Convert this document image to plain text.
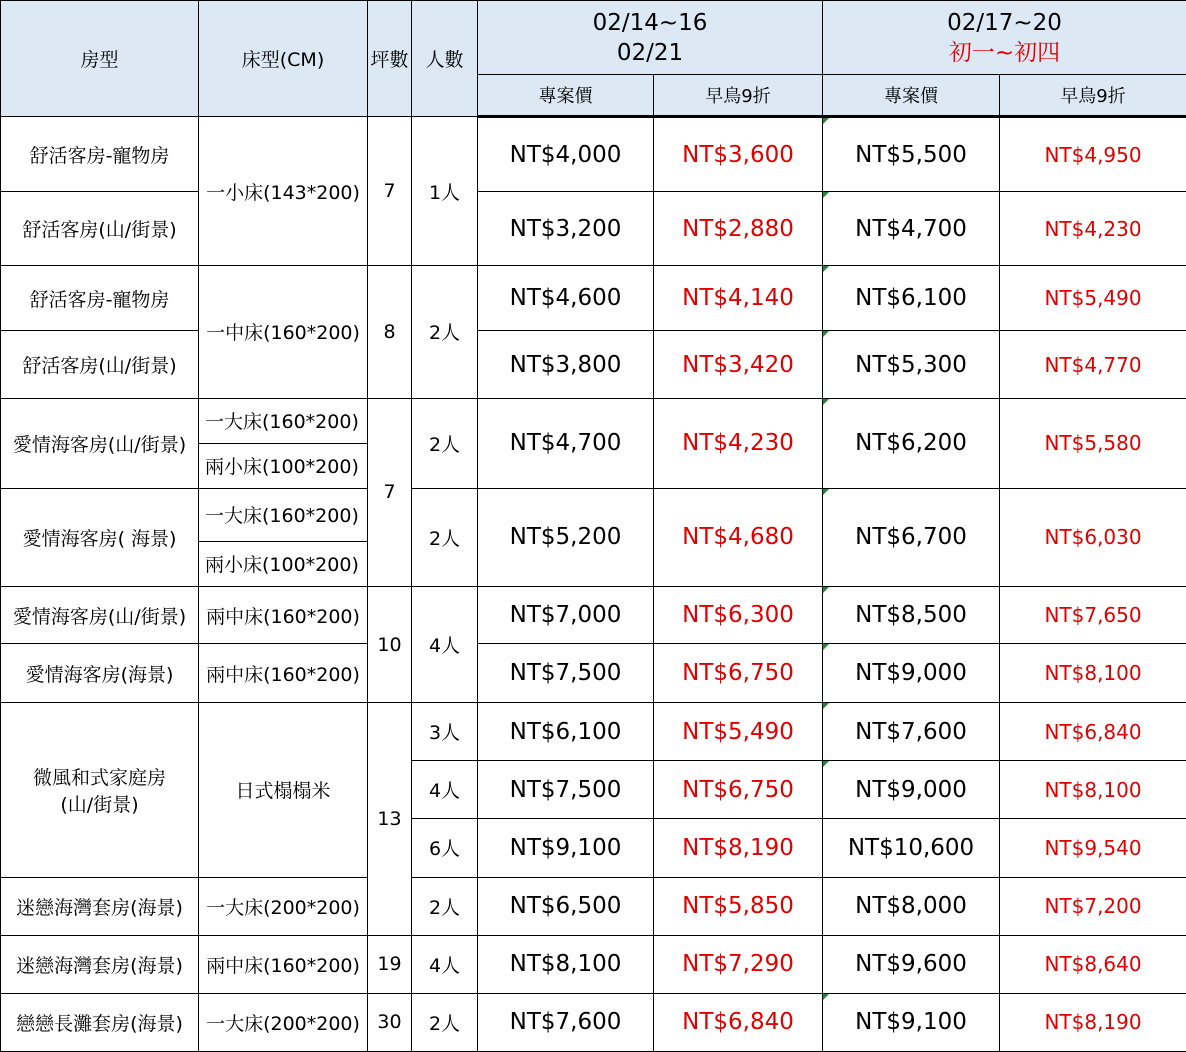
房型	床型(CM)	坪數	人數	02/14~16
02/21		02/17~20
初一~初四	

				專案價	早鳥9折	專案價	早鳥9折
舒活客房-寵物房	一小床(143*200)	7	1人	NT$4,000	NT$3,600	NT$5,500	NT$4,950
舒活客房(山/街景)				NT$3,200	NT$2,880	NT$4,700	NT$4,230
舒活客房-寵物房	一中床(160*200)	8	2人	NT$4,600	NT$4,140	NT$6,100	NT$5,490
舒活客房(山/街景)				NT$3,800	NT$3,420	NT$5,300	NT$4,770
愛情海客房(山/街景)	一大床(160*200)	7	2人	NT$4,700	NT$4,230	NT$6,200	NT$5,580
	兩小床(100*200)						
愛情海客房( 海景)	一大床(160*200)		2人	NT$5,200	NT$4,680	NT$6,700	NT$6,030
	兩小床(100*200)						
愛情海客房(山/街景)	兩中床(160*200)	10	4人	NT$7,000	NT$6,300	NT$8,500	NT$7,650
愛情海客房(海景)	兩中床(160*200)			NT$7,500	NT$6,750	NT$9,000	NT$8,100

微風和式家庭房
(山/街景)	日式榻榻米	13	3人	NT$6,100	NT$5,490	NT$7,600	NT$6,840
			4人	NT$7,500	NT$6,750	NT$9,000	NT$8,100
			6人	NT$9,100	NT$8,190	NT$10,600	NT$9,540
迷戀海灣套房(海景)	一大床(200*200)		2人	NT$6,500	NT$5,850	NT$8,000	NT$7,200
迷戀海灣套房(海景)	兩中床(160*200)	19	4人	NT$8,100	NT$7,290	NT$9,600	NT$8,640
戀戀長灘套房(海景)	一大床(200*200)	30	2人	NT$7,600	NT$6,840	NT$9,100	NT$8,190
